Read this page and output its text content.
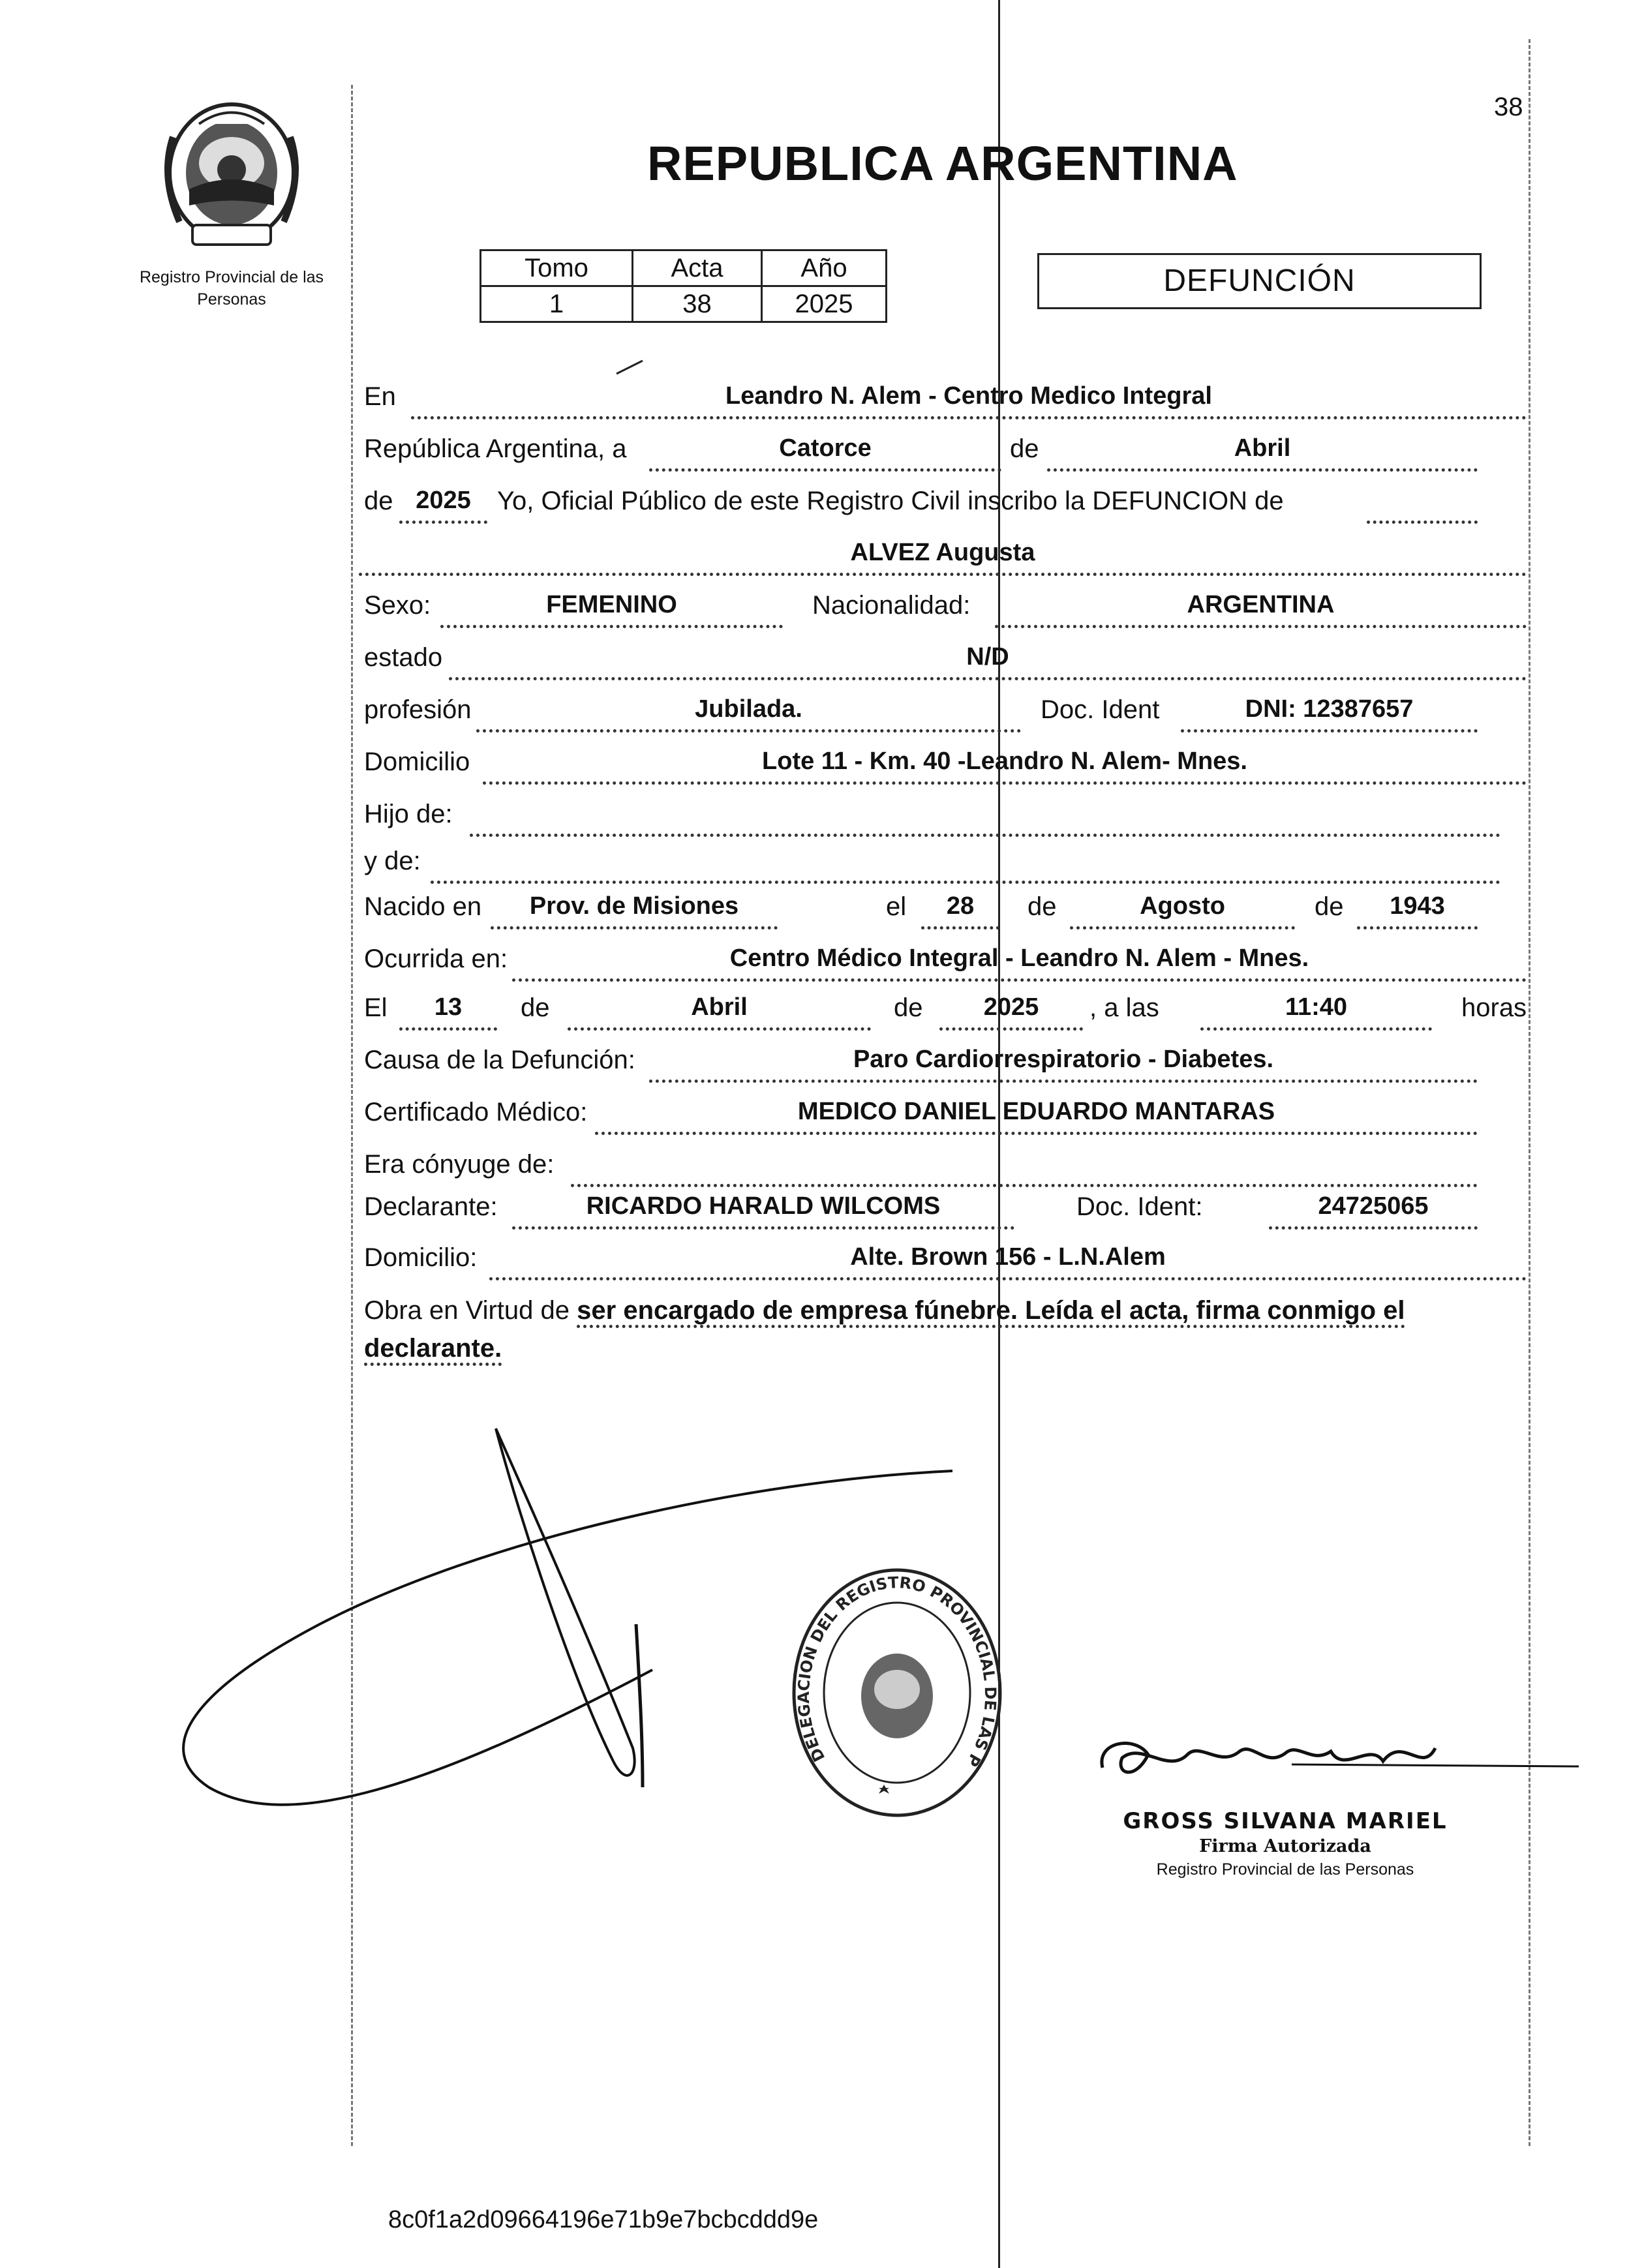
38
Registro Provincial de las Personas
REPUBLICA ARGENTINA
Tomo	Acta	Año
1	38	2025
DEFUNCIÓN
En	Leandro N. Alem - Centro Medico Integral
República Argentina, a	Catorce	de	Abril
de 2025	Yo, Oficial Público de este Registro Civil inscribo la DEFUNCION de
ALVEZ Augusta
Sexo:	FEMENINO	Nacionalidad:	ARGENTINA
estado	N/D
profesión	Jubilada.	Doc. Ident	DNI: 12387657
Domicilio	Lote 11 - Km. 40 -Leandro N. Alem- Mnes.
Hijo de:
y de:
Nacido en	Prov. de Misiones	el	28	de	Agosto	de	1943
Ocurrida en:	Centro Médico Integral - Leandro N. Alem - Mnes.
El	13	de	Abril	de	2025	, a las	11:40	horas
Causa de la Defunción:	Paro Cardiorrespiratorio - Diabetes.
Certificado Médico:	MEDICO DANIEL EDUARDO MANTARAS
Era cónyuge de:
Declarante:	RICARDO HARALD WILCOMS	Doc. Ident:	24725065
Domicilio:	Alte. Brown 156 - L.N.Alem
Obra en Virtud de ser encargado de empresa fúnebre. Leída el acta, firma conmigo el declarante.
DELEGACION DEL REGISTRO PROVINCIAL DE LAS P
GROSS SILVANA MARIEL
Firma Autorizada
Registro Provincial de las Personas
8c0f1a2d09664196e71b9e7bcbcddd9e
